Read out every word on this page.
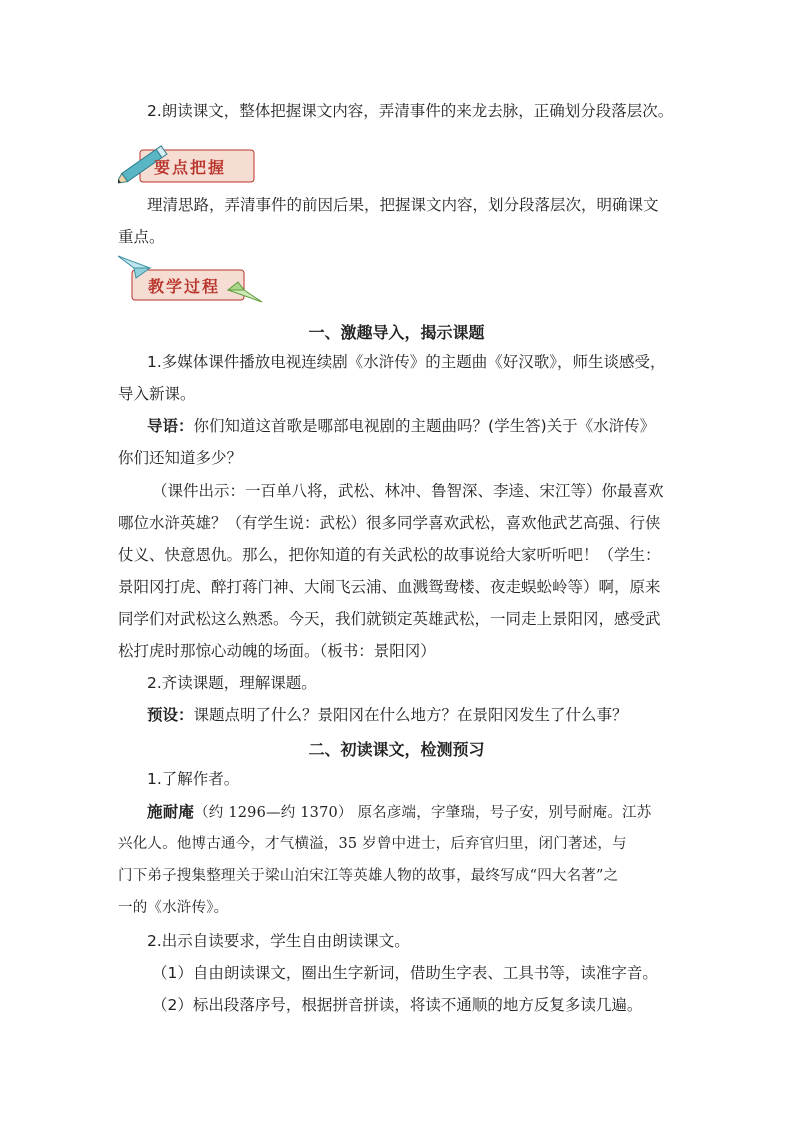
2.朗读课文，整体把握课文内容，弄清事件的来龙去脉，正确划分段落层次。
要点把握
理清思路，弄清事件的前因后果，把握课文内容，划分段落层次，明确课文
重点。
教学过程
一、激趣导入，揭示课题
1.多媒体课件播放电视连续剧《水浒传》的主题曲《好汉歌》，师生谈感受，
导入新课。
导语：你们知道这首歌是哪部电视剧的主题曲吗？(学生答)关于《水浒传》
你们还知道多少？
（课件出示：一百单八将，武松、林冲、鲁智深、李逵、宋江等）你最喜欢
哪位水浒英雄？（有学生说：武松）很多同学喜欢武松，喜欢他武艺高强、行侠
仗义、快意恩仇。那么，把你知道的有关武松的故事说给大家听听吧！（学生：
景阳冈打虎、醉打蒋门神、大闹飞云浦、血溅鸳鸯楼、夜走蜈蚣岭等）啊，原来
同学们对武松这么熟悉。今天，我们就锁定英雄武松，一同走上景阳冈，感受武
松打虎时那惊心动魄的场面。（板书：景阳冈）
2.齐读课题，理解课题。
预设：课题点明了什么？景阳冈在什么地方？在景阳冈发生了什么事？
二、初读课文，检测预习
1.了解作者。
施耐庵（约 1296—约 1370） 原名彦端，字肇瑞，号子安，别号耐庵。江苏
兴化人。他博古通今，才气横溢，35 岁曾中进士，后弃官归里，闭门著述，与
门下弟子搜集整理关于梁山泊宋江等英雄人物的故事，最终写成“四大名著”之
一的《水浒传》。
2.出示自读要求，学生自由朗读课文。
（1）自由朗读课文，圈出生字新词，借助生字表、工具书等，读准字音。
（2）标出段落序号，根据拼音拼读，将读不通顺的地方反复多读几遍。
